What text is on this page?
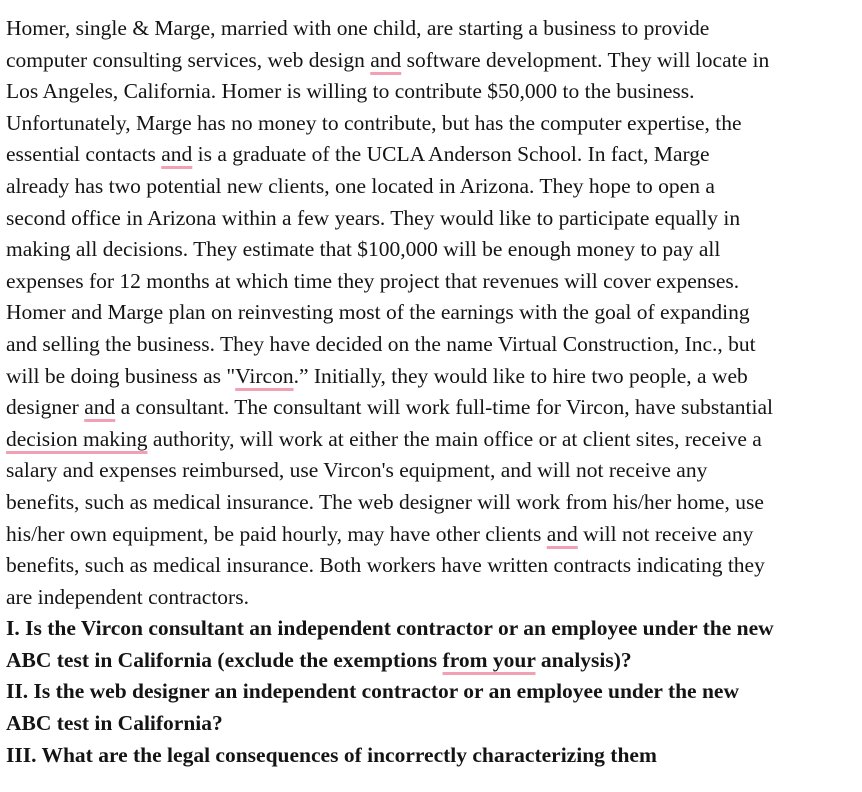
Homer, single & Marge, married with one child, are starting a business to provide
computer consulting services, web design and software development. They will locate in
Los Angeles, California. Homer is willing to contribute $50,000 to the business.
Unfortunately, Marge has no money to contribute, but has the computer expertise, the
essential contacts and is a graduate of the UCLA Anderson School. In fact, Marge
already has two potential new clients, one located in Arizona. They hope to open a
second office in Arizona within a few years. They would like to participate equally in
making all decisions. They estimate that $100,000 will be enough money to pay all
expenses for 12 months at which time they project that revenues will cover expenses.
Homer and Marge plan on reinvesting most of the earnings with the goal of expanding
and selling the business. They have decided on the name Virtual Construction, Inc., but
will be doing business as "Vircon.” Initially, they would like to hire two people, a web
designer and a consultant. The consultant will work full-time for Vircon, have substantial
decision making authority, will work at either the main office or at client sites, receive a
salary and expenses reimbursed, use Vircon's equipment, and will not receive any
benefits, such as medical insurance. The web designer will work from his/her home, use
his/her own equipment, be paid hourly, may have other clients and will not receive any
benefits, such as medical insurance. Both workers have written contracts indicating they
are independent contractors.
I. Is the Vircon consultant an independent contractor or an employee under the new
ABC test in California (exclude the exemptions from your analysis)?
II. Is the web designer an independent contractor or an employee under the new
ABC test in California?
III. What are the legal consequences of incorrectly characterizing them
